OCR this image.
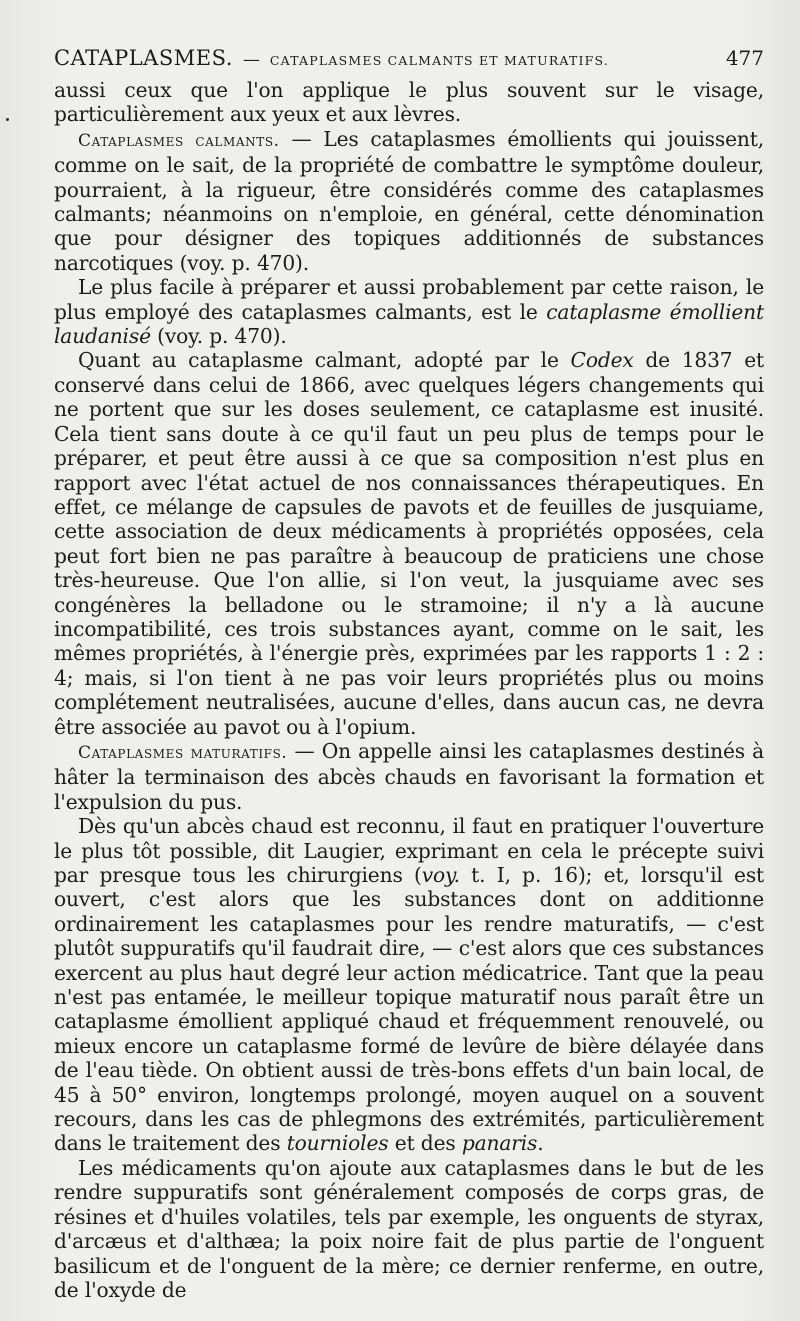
CATAPLASMES. — CATAPLASMES CALMANTS ET MATURATIFS.	477

aussi ceux que l'on applique le plus souvent sur le visage, particulièrement aux yeux et aux lèvres.

Cataplasmes calmants. — Les cataplasmes émollients qui jouissent, comme on le sait, de la propriété de combattre le symptôme douleur, pourraient, à la rigueur, être considérés comme des cataplasmes calmants; néanmoins on n'emploie, en général, cette dénomination que pour désigner des topiques additionnés de substances narcotiques (voy. p. 470).

Le plus facile à préparer et aussi probablement par cette raison, le plus employé des cataplasmes calmants, est le cataplasme émollient laudanisé (voy. p. 470).

Quant au cataplasme calmant, adopté par le Codex de 1837 et conservé dans celui de 1866, avec quelques légers changements qui ne portent que sur les doses seulement, ce cataplasme est inusité. Cela tient sans doute à ce qu'il faut un peu plus de temps pour le préparer, et peut être aussi à ce que sa composition n'est plus en rapport avec l'état actuel de nos connaissances thérapeutiques. En effet, ce mélange de capsules de pavots et de feuilles de jusquiame, cette association de deux médicaments à propriétés opposées, cela peut fort bien ne pas paraître à beaucoup de praticiens une chose très-heureuse. Que l'on allie, si l'on veut, la jusquiame avec ses congénères la belladone ou le stramoine; il n'y a là aucune incompatibilité, ces trois substances ayant, comme on le sait, les mêmes propriétés, à l'énergie près, exprimées par les rapports 1 : 2 : 4; mais, si l'on tient à ne pas voir leurs propriétés plus ou moins complétement neutralisées, aucune d'elles, dans aucun cas, ne devra être associée au pavot ou à l'opium.

Cataplasmes maturatifs. — On appelle ainsi les cataplasmes destinés à hâter la terminaison des abcès chauds en favorisant la formation et l'expulsion du pus.

Dès qu'un abcès chaud est reconnu, il faut en pratiquer l'ouverture le plus tôt possible, dit Laugier, exprimant en cela le précepte suivi par presque tous les chirurgiens (voy. t. I, p. 16); et, lorsqu'il est ouvert, c'est alors que les substances dont on additionne ordinairement les cataplasmes pour les rendre maturatifs, — c'est plutôt suppuratifs qu'il faudrait dire, — c'est alors que ces substances exercent au plus haut degré leur action médicatrice. Tant que la peau n'est pas entamée, le meilleur topique maturatif nous paraît être un cataplasme émollient appliqué chaud et fréquemment renouvelé, ou mieux encore un cataplasme formé de levûre de bière délayée dans de l'eau tiède. On obtient aussi de très-bons effets d'un bain local, de 45 à 50° environ, longtemps prolongé, moyen auquel on a souvent recours, dans les cas de phlegmons des extrémités, particulièrement dans le traitement des tournioles et des panaris.

Les médicaments qu'on ajoute aux cataplasmes dans le but de les rendre suppuratifs sont généralement composés de corps gras, de résines et d'huiles volatiles, tels par exemple, les onguents de styrax, d'arcæus et d'althæa; la poix noire fait de plus partie de l'onguent basilicum et de l'onguent de la mère; ce dernier renferme, en outre, de l'oxyde de
